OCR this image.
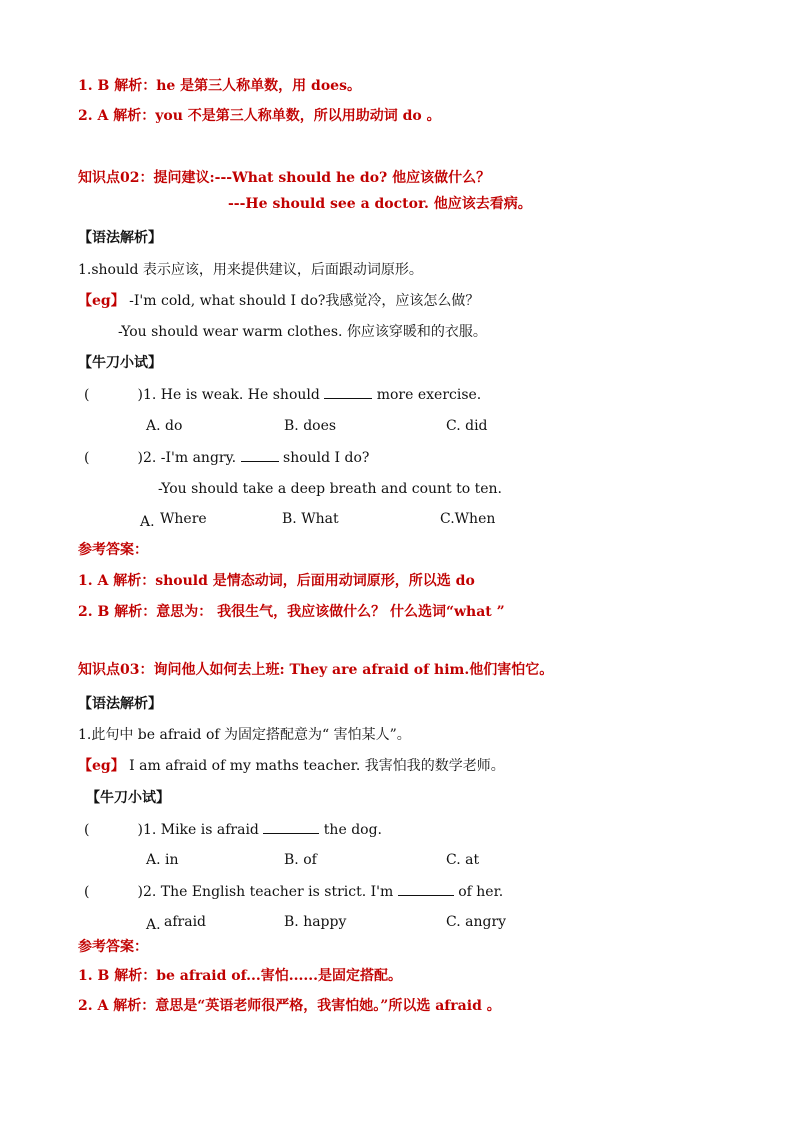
1. B 解析：he 是第三人称单数，用 does。
2. A 解析：you 不是第三人称单数，所以用助动词 do 。
知识点02：提问建议:---What should he do? 他应该做什么？
---He should see a doctor. 他应该去看病。
【语法解析】
1.should 表示应该，用来提供建议，后面跟动词原形。
【eg】 -I'm cold, what should I do?我感觉冷，应该怎么做？
-You should wear warm clothes. 你应该穿暖和的衣服。
【牛刀小试】
(	)1. He is weak. He should	more exercise.
A. do	B. does	C. did
(	)2. -I'm angry.	should I do?
-You should take a deep breath and count to ten.
A. Where	B. What	C.When
参考答案：
1. A 解析：should 是情态动词，后面用动词原形，所以选 do
2. B 解析：意思为： 我很生气，我应该做什么？ 什么选词“what ”
知识点03：询问他人如何去上班: They are afraid of him.他们害怕它。
【语法解析】
1.此句中 be afraid of 为固定搭配意为“ 害怕某人”。
【eg】 I am afraid of my maths teacher. 我害怕我的数学老师。
【牛刀小试】
(	)1. Mike is afraid	the dog.
A. in	B. of	C. at
(	)2. The English teacher is strict. I'm	of her.
A. afraid	B. happy	C. angry
参考答案：
1. B 解析：be afraid of...害怕......是固定搭配。
2. A 解析：意思是“英语老师很严格，我害怕她。”所以选 afraid 。
